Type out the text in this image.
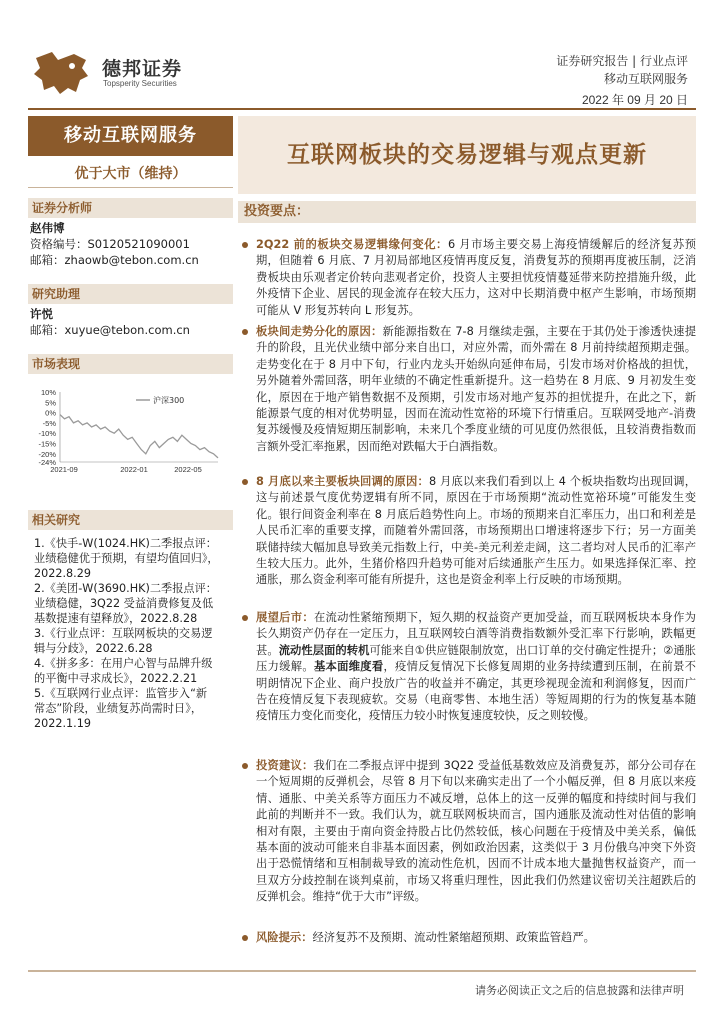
德邦证券
Topsperity Securities
证券研究报告 | 行业点评
移动互联网服务
2022 年 09 月 20 日
移动互联网服务
优于大市（维持）
互联网板块的交易逻辑与观点更新
证券分析师
赵伟博
资格编号：S0120521090001
邮箱：zhaowb@tebon.com.cn
研究助理
许悦
邮箱：xuyue@tebon.com.cn
市场表现
10%
5%
0%
-5%
-10%
-15%
-20%
-24%
2021-09	2022-01	2022-05
沪深300
相关研究
1.《快手-W(1024.HK)二季报点评：
业绩稳健优于预期，有望均值回归》，
2022.8.29
2.《美团-W(3690.HK)二季报点评：
业绩稳健，3Q22 受益消费修复及低
基数提速有望释放》，2022.8.28
3.《行业点评：互联网板块的交易逻
辑与分歧》，2022.6.28
4.《拼多多：在用户心智与品牌升级
的平衡中寻求成长》，2022.2.21
5.《互联网行业点评：监管步入“新
常态”阶段，业绩复苏尚需时日》，
2022.1.19
投资要点：
2Q22 前的板块交易逻辑缘何变化：6 月市场主要交易上海疫情缓解后的经济复苏预期，但随着 6 月底、7 月初局部地区疫情再度反复，消费复苏的预期再度被压制，泛消费板块由乐观者定价转向悲观者定价，投资人主要担忧疫情蔓延带来防控措施升级，此外疫情下企业、居民的现金流存在较大压力，这对中长期消费中枢产生影响，市场预期可能从 V 形复苏转向 L 形复苏。
板块间走势分化的原因：新能源指数在 7-8 月继续走强，主要在于其仍处于渗透快速提升的阶段，且光伏业绩中部分来自出口，对应外需，而外需在 8 月前持续超预期走强。走势变化在于 8 月中下旬，行业内龙头开始纵向延伸布局，引发市场对价格战的担忧，另外随着外需回落，明年业绩的不确定性重新提升。这一趋势在 8 月底、9 月初发生变化，原因在于地产销售数据不及预期，引发市场对地产复苏的担忧提升，在此之下，新能源景气度的相对优势明显，因而在流动性宽裕的环境下行情重启。互联网受地产-消费复苏缓慢及疫情短期压制影响，未来几个季度业绩的可见度仍然很低，且较消费指数而言额外受汇率拖累，因而绝对跌幅大于白酒指数。
8 月底以来主要板块回调的原因：8 月底以来我们看到以上 4 个板块指数均出现回调，这与前述景气度优势逻辑有所不同，原因在于市场预期“流动性宽裕环境”可能发生变化。银行间资金利率在 8 月底后趋势性向上。市场的预期来自汇率压力，出口和利差是人民币汇率的重要支撑，而随着外需回落，市场预期出口增速将逐步下行；另一方面美联储持续大幅加息导致美元指数上行，中美-美元利差走阔，这二者均对人民币的汇率产生较大压力。此外，生猪价格四升趋势可能对后续通胀产生压力。如果选择保汇率、控通胀，那么资金利率可能有所提升，这也是资金利率上行反映的市场预期。
展望后市：在流动性紧缩预期下，短久期的权益资产更加受益，而互联网板块本身作为长久期资产仍存在一定压力，且互联网较白酒等消费指数额外受汇率下行影响，跌幅更甚。流动性层面的转机可能来自①供应链限制放宽，出口订单的交付确定性提升；②通胀压力缓解。基本面维度看，疫情反复情况下长修复周期的业务持续遭到压制，在前景不明朗情况下企业、商户投放广告的收益并不确定，其更珍视现金流和利润修复，因而广告在疫情反复下表现疲软。交易（电商零售、本地生活）等短周期的行为的恢复基本随疫情压力变化而变化，疫情压力较小时恢复速度较快，反之则较慢。
投资建议：我们在二季报点评中提到 3Q22 受益低基数效应及消费复苏，部分公司存在一个短周期的反弹机会，尽管 8 月下旬以来确实走出了一个小幅反弹，但 8 月底以来疫情、通胀、中美关系等方面压力不减反增，总体上的这一反弹的幅度和持续时间与我们此前的判断并不一致。我们认为，就互联网板块而言，国内通胀及流动性对估值的影响相对有限，主要由于南向资金持股占比仍然较低，核心问题在于疫情及中美关系，偏低基本面的波动可能来自非基本面因素，例如政治因素，这类似于 3 月份俄乌冲突下外资出于恐慌情绪和互相制裁导致的流动性危机，因而不计成本地大量抛售权益资产，而一旦双方分歧控制在谈判桌前，市场又将重归理性，因此我们仍然建议密切关注超跌后的反弹机会。维持“优于大市”评级。
风险提示：经济复苏不及预期、流动性紧缩超预期、政策监管趋严。
请务必阅读正文之后的信息披露和法律声明
